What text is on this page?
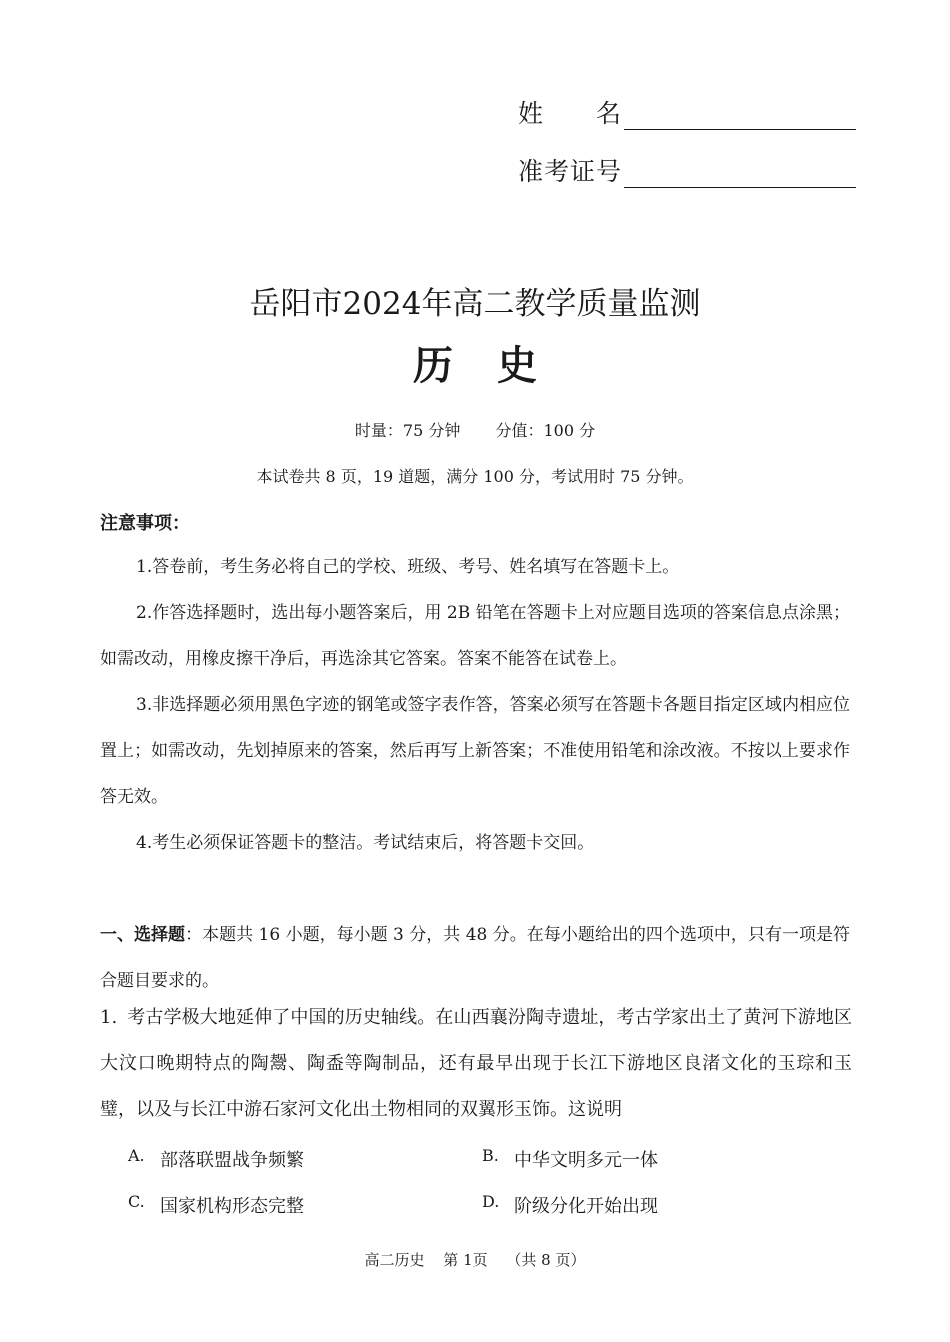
姓　　名
准考证号
岳阳市2024年高二教学质量监测
历史
时量：75 分钟 分值：100 分
本试卷共 8 页，19 道题，满分 100 分，考试用时 75 分钟。
注意事项：
1.答卷前，考生务必将自己的学校、班级、考号、姓名填写在答题卡上。
2.作答选择题时，选出每小题答案后，用 2B 铅笔在答题卡上对应题目选项的答案信息点涂黑；如需改动，用橡皮擦干净后，再选涂其它答案。答案不能答在试卷上。
3.非选择题必须用黑色字迹的钢笔或签字表作答，答案必须写在答题卡各题目指定区域内相应位置上；如需改动，先划掉原来的答案，然后再写上新答案；不准使用铅笔和涂改液。不按以上要求作答无效。
4.考生必须保证答题卡的整洁。考试结束后，将答题卡交回。
一、选择题：本题共 16 小题，每小题 3 分，共 48 分。在每小题给出的四个选项中，只有一项是符合题目要求的。
1. 考古学极大地延伸了中国的历史轴线。在山西襄汾陶寺遗址，考古学家出土了黄河下游地区大汶口晚期特点的陶鬶、陶盉等陶制品，还有最早出现于长江下游地区良渚文化的玉琮和玉璧，以及与长江中游石家河文化出土物相同的双翼形玉饰。这说明
A. 部落联盟战争频繁	B. 中华文明多元一体
C. 国家机构形态完整	D. 阶级分化开始出现
高二历史 第 1页 （共 8 页）
